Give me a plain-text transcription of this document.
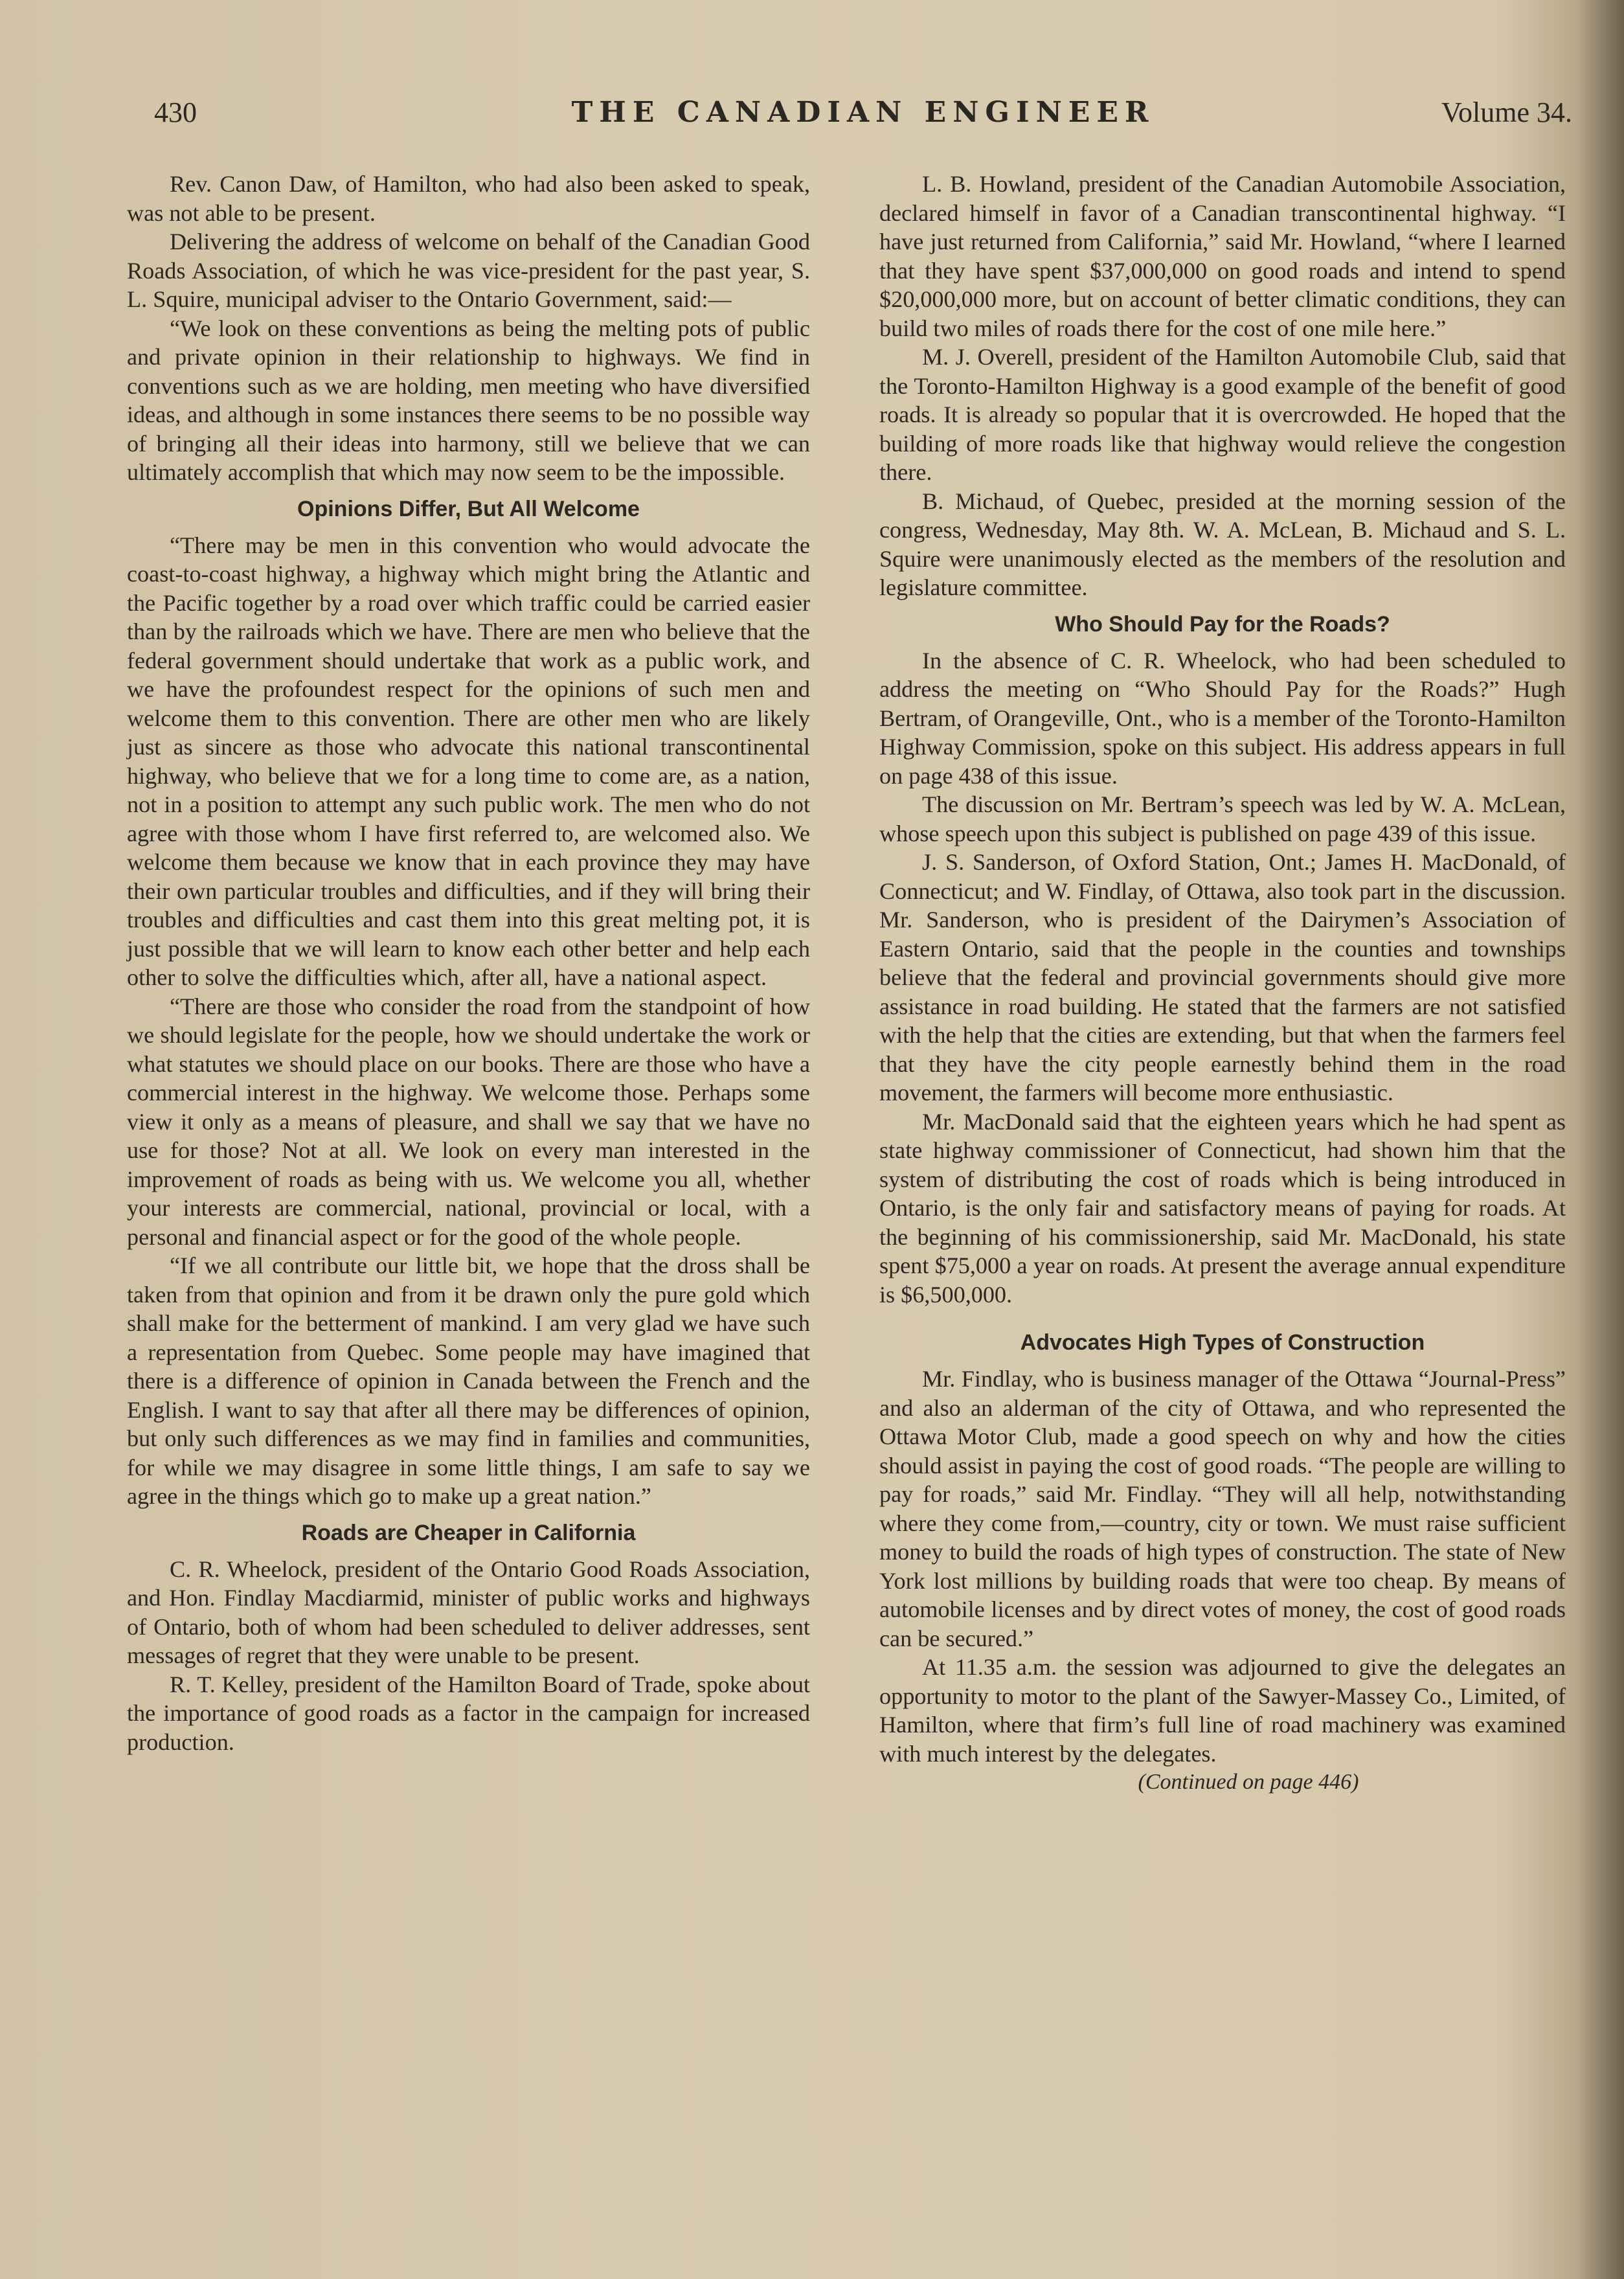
430	THE CANADIAN ENGINEER	Volume 34.

Rev. Canon Daw, of Hamilton, who had also been asked to speak, was not able to be present.

Delivering the address of welcome on behalf of the Canadian Good Roads Association, of which he was vice-president for the past year, S. L. Squire, municipal adviser to the Ontario Government, said:—

“We look on these conventions as being the melting pots of public and private opinion in their relationship to highways. We find in conventions such as we are holding, men meeting who have diversified ideas, and although in some instances there seems to be no possible way of bringing all their ideas into harmony, still we believe that we can ultimately accomplish that which may now seem to be the impossible.

Opinions Differ, But All Welcome

“There may be men in this convention who would advocate the coast-to-coast highway, a highway which might bring the Atlantic and the Pacific together by a road over which traffic could be carried easier than by the railroads which we have. There are men who believe that the federal government should undertake that work as a public work, and we have the profoundest respect for the opinions of such men and welcome them to this convention. There are other men who are likely just as sincere as those who advocate this national transcontinental highway, who believe that we for a long time to come are, as a nation, not in a position to attempt any such public work. The men who do not agree with those whom I have first referred to, are welcomed also. We welcome them because we know that in each province they may have their own particular troubles and difficulties, and if they will bring their troubles and difficulties and cast them into this great melting pot, it is just possible that we will learn to know each other better and help each other to solve the difficulties which, after all, have a national aspect.

“There are those who consider the road from the standpoint of how we should legislate for the people, how we should undertake the work or what statutes we should place on our books. There are those who have a commercial interest in the highway. We welcome those. Perhaps some view it only as a means of pleasure, and shall we say that we have no use for those? Not at all. We look on every man interested in the improvement of roads as being with us. We welcome you all, whether your interests are commercial, national, provincial or local, with a personal and financial aspect or for the good of the whole people.

“If we all contribute our little bit, we hope that the dross shall be taken from that opinion and from it be drawn only the pure gold which shall make for the betterment of mankind. I am very glad we have such a representation from Quebec. Some people may have imagined that there is a difference of opinion in Canada between the French and the English. I want to say that after all there may be differences of opinion, but only such differences as we may find in families and communities, for while we may disagree in some little things, I am safe to say we agree in the things which go to make up a great nation.”

Roads are Cheaper in California

C. R. Wheelock, president of the Ontario Good Roads Association, and Hon. Findlay Macdiarmid, minister of public works and highways of Ontario, both of whom had been scheduled to deliver addresses, sent messages of regret that they were unable to be present.

R. T. Kelley, president of the Hamilton Board of Trade, spoke about the importance of good roads as a factor in the campaign for increased production.

L. B. Howland, president of the Canadian Automobile Association, declared himself in favor of a Canadian transcontinental highway. “I have just returned from California,” said Mr. Howland, “where I learned that they have spent $37,000,000 on good roads and intend to spend $20,000,000 more, but on account of better climatic conditions, they can build two miles of roads there for the cost of one mile here.”

M. J. Overell, president of the Hamilton Automobile Club, said that the Toronto-Hamilton Highway is a good example of the benefit of good roads. It is already so popular that it is overcrowded. He hoped that the building of more roads like that highway would relieve the congestion there.

B. Michaud, of Quebec, presided at the morning session of the congress, Wednesday, May 8th. W. A. McLean, B. Michaud and S. L. Squire were unanimously elected as the members of the resolution and legislature committee.

Who Should Pay for the Roads?

In the absence of C. R. Wheelock, who had been scheduled to address the meeting on “Who Should Pay for the Roads?” Hugh Bertram, of Orangeville, Ont., who is a member of the Toronto-Hamilton Highway Commission, spoke on this subject. His address appears in full on page 438 of this issue.

The discussion on Mr. Bertram’s speech was led by W. A. McLean, whose speech upon this subject is published on page 439 of this issue.

J. S. Sanderson, of Oxford Station, Ont.; James H. MacDonald, of Connecticut; and W. Findlay, of Ottawa, also took part in the discussion. Mr. Sanderson, who is president of the Dairymen’s Association of Eastern Ontario, said that the people in the counties and townships believe that the federal and provincial governments should give more assistance in road building. He stated that the farmers are not satisfied with the help that the cities are extending, but that when the farmers feel that they have the city people earnestly behind them in the road movement, the farmers will become more enthusiastic.

Mr. MacDonald said that the eighteen years which he had spent as state highway commissioner of Connecticut, had shown him that the system of distributing the cost of roads which is being introduced in Ontario, is the only fair and satisfactory means of paying for roads. At the beginning of his commissionership, said Mr. MacDonald, his state spent $75,000 a year on roads. At present the average annual expenditure is $6,500,000.

Advocates High Types of Construction

Mr. Findlay, who is business manager of the Ottawa “Journal-Press” and also an alderman of the city of Ottawa, and who represented the Ottawa Motor Club, made a good speech on why and how the cities should assist in paying the cost of good roads. “The people are willing to pay for roads,” said Mr. Findlay. “They will all help, notwithstanding where they come from,—country, city or town. We must raise sufficient money to build the roads of high types of construction. The state of New York lost millions by building roads that were too cheap. By means of automobile licenses and by direct votes of money, the cost of good roads can be secured.”

At 11.35 a.m. the session was adjourned to give the delegates an opportunity to motor to the plant of the Sawyer-Massey Co., Limited, of Hamilton, where that firm’s full line of road machinery was examined with much interest by the delegates.

(Continued on page 446)
